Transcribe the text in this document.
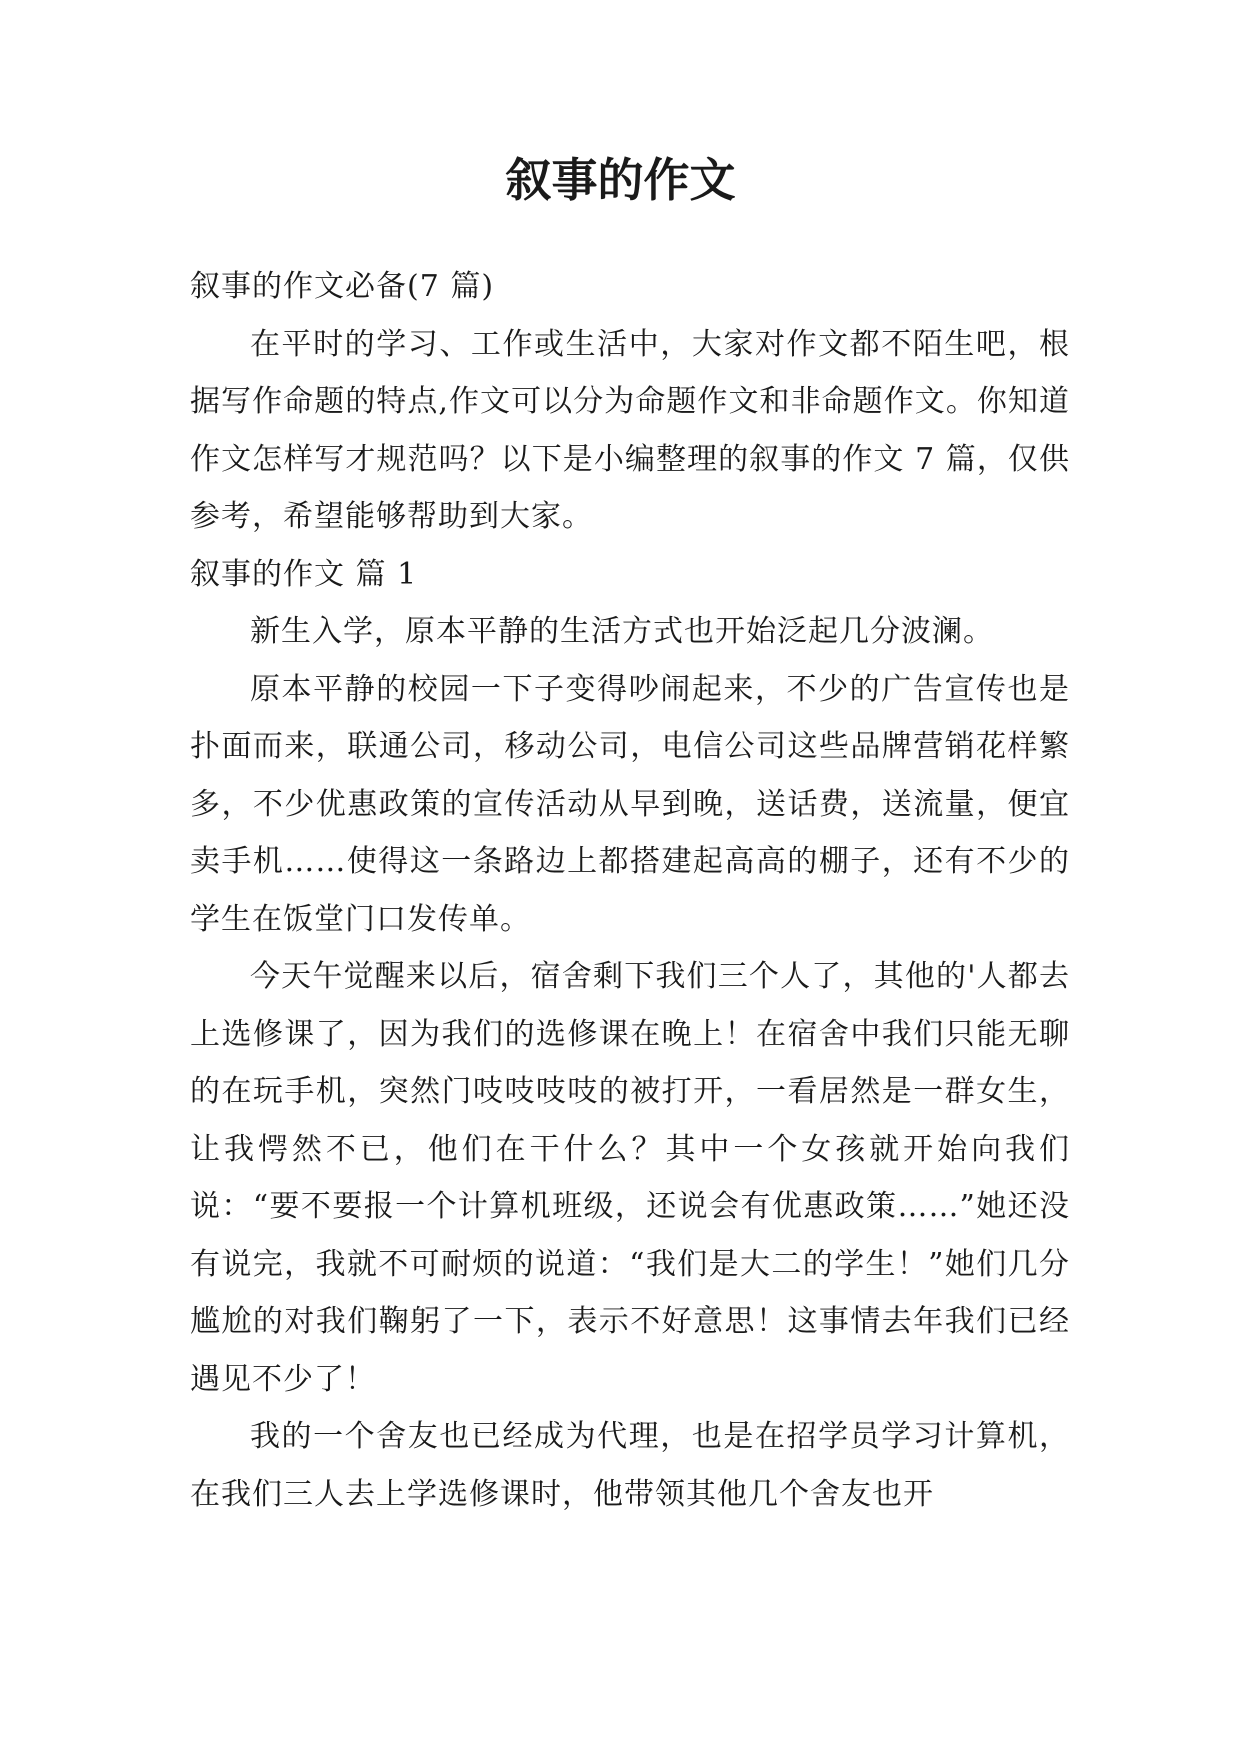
叙事的作文

叙事的作文必备(7 篇)

在平时的学习、工作或生活中，大家对作文都不陌生吧，根据写作命题的特点,作文可以分为命题作文和非命题作文。你知道作文怎样写才规范吗？以下是小编整理的叙事的作文 7 篇，仅供参考，希望能够帮助到大家。

叙事的作文 篇 1

新生入学，原本平静的生活方式也开始泛起几分波澜。

原本平静的校园一下子变得吵闹起来，不少的广告宣传也是扑面而来，联通公司，移动公司，电信公司这些品牌营销花样繁多，不少优惠政策的宣传活动从早到晚，送话费，送流量，便宜卖手机……使得这一条路边上都搭建起高高的棚子，还有不少的学生在饭堂门口发传单。

今天午觉醒来以后，宿舍剩下我们三个人了，其他的'人都去上选修课了，因为我们的选修课在晚上！在宿舍中我们只能无聊的在玩手机，突然门吱吱吱吱的被打开，一看居然是一群女生，让我愕然不已，他们在干什么？其中一个女孩就开始向我们说：“要不要报一个计算机班级，还说会有优惠政策……”她还没有说完，我就不可耐烦的说道：“我们是大二的学生！”她们几分尴尬的对我们鞠躬了一下，表示不好意思！这事情去年我们已经遇见不少了！

我的一个舍友也已经成为代理，也是在招学员学习计算机，在我们三人去上学选修课时，他带领其他几个舍友也开
